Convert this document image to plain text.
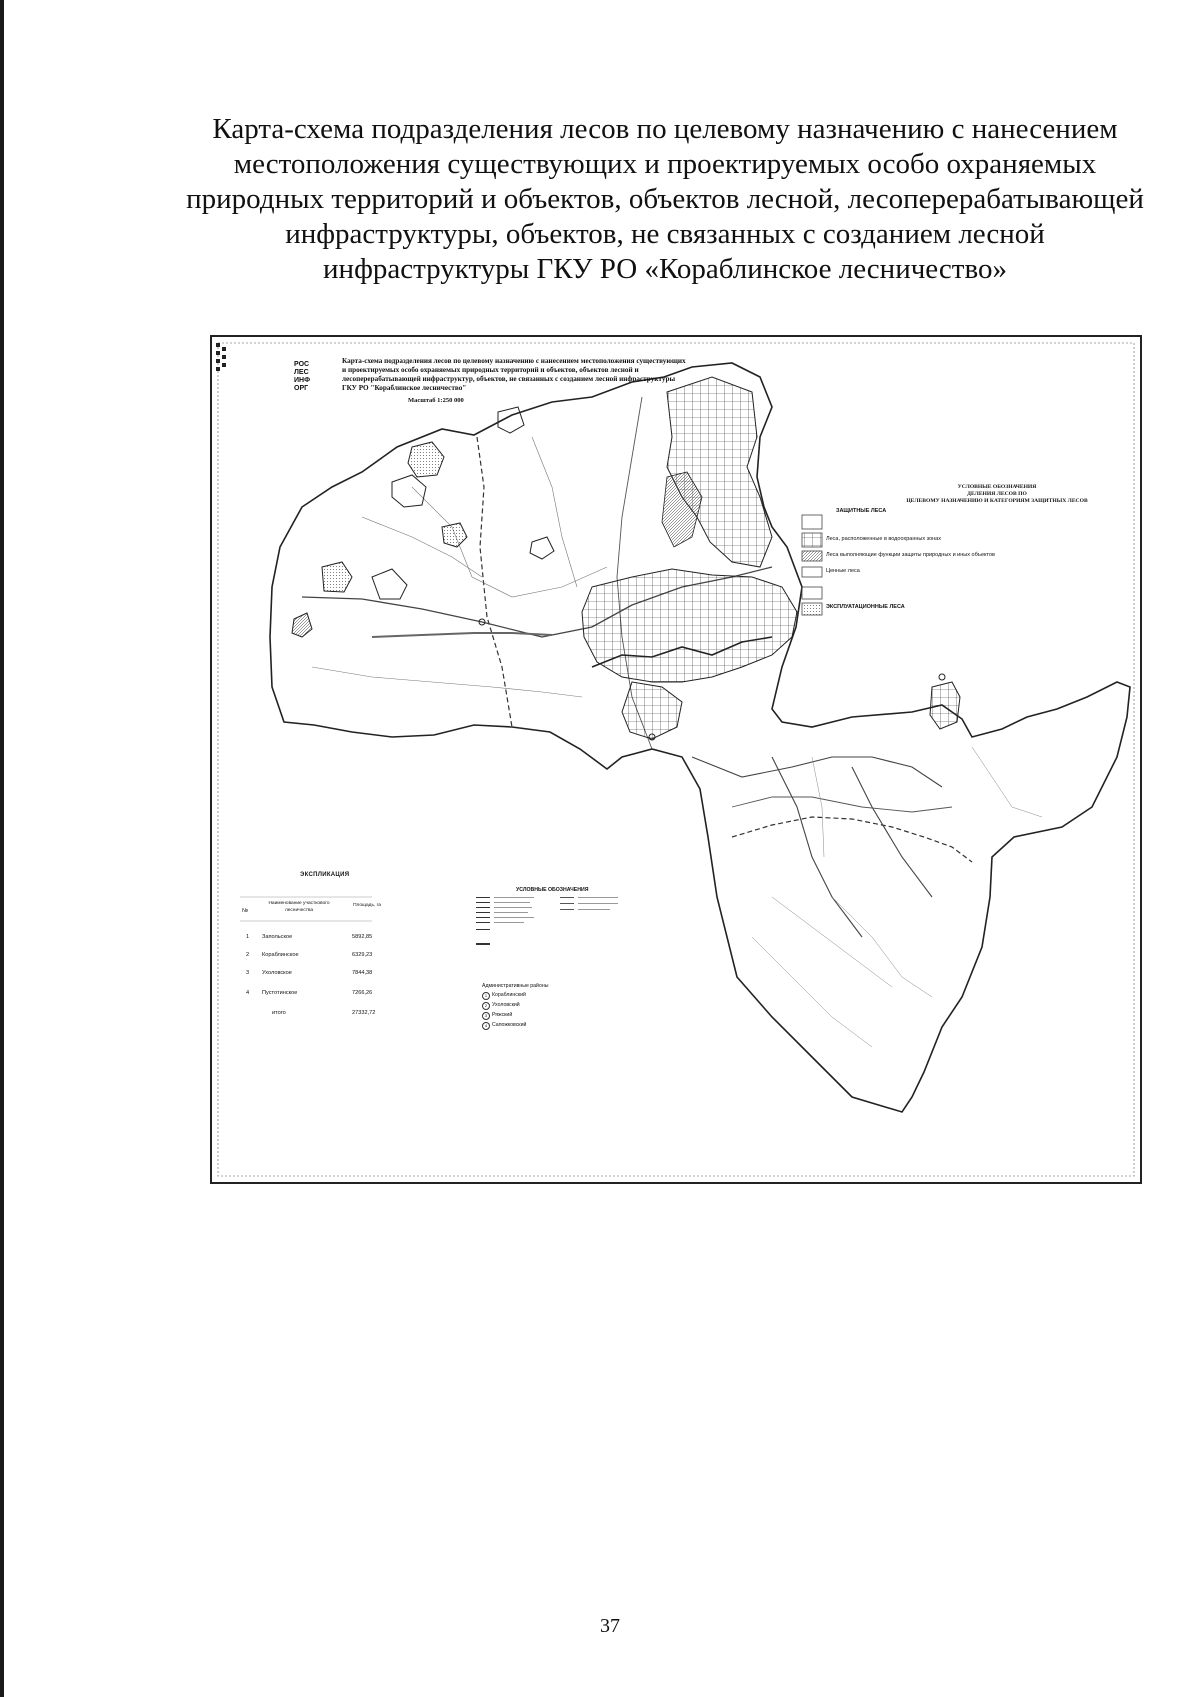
Карта-схема подразделения лесов по целевому назначению с нанесением
местоположения существующих и проектируемых особо охраняемых
природных территорий и объектов, объектов лесной, лесоперерабатывающей
инфраструктуры, объектов, не связанных с созданием лесной
инфраструктуры ГКУ РО «Кораблинское лесничество»
РОС
ЛЕС
ИНФ
ОРГ
Карта-схема подразделения лесов по целевому назначению с нанесением местоположения существующих
и проектируемых особо охраняемых природных территорий и объектов, объектов лесной и
лесоперерабатывающей инфраструктур, объектов, не связанных с созданием лесной инфраструктуры
ГКУ РО "Кораблинское лесничество"
Масштаб 1:250 000
УСЛОВНЫЕ ОБОЗНАЧЕНИЯ
ДЕЛЕНИЯ ЛЕСОВ ПО
ЦЕЛЕВОМУ НАЗНАЧЕНИЮ И КАТЕГОРИЯМ ЗАЩИТНЫХ ЛЕСОВ
ЗАЩИТНЫЕ ЛЕСА
Леса, расположенные в водоохранных зонах
Леса выполняющие функции защиты природных и иных объектов
Ценные леса
ЭКСПЛУАТАЦИОННЫЕ ЛЕСА
ЭКСПЛИКАЦИЯ
№
Наименование участкового лесничества
Площадь, га
1 Запольское	5892,85
2 Кораблинское	6329,23
3 Ухоловское	7844,38
4 Пустотинское	7266,26
итого	27332,72
УСЛОВНЫЕ ОБОЗНАЧЕНИЯ
Административные районы
1 Кораблинский
2 Ухоловский
3 Ряжский
4 Сапожковский
37
